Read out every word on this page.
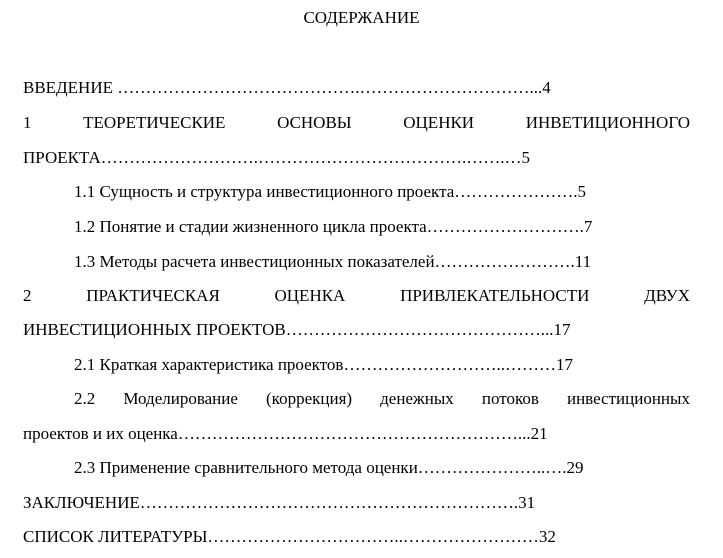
СОДЕРЖАНИЕ
ВВЕДЕНИЕ …………………………………….…………………………...4
1	ТЕОРЕТИЧЕСКИЕ	ОСНОВЫ	ОЦЕНКИ	ИНВЕТИЦИОННОГО
ПРОЕКТА……………………….……………………………….…….…5
1.1 Сущность и структура инвестиционного проекта………………….5
1.2 Понятие и стадии жизненного цикла проекта……………………….7
1.3 Методы расчета инвестиционных показателей…………………….11
2	ПРАКТИЧЕСКАЯ	ОЦЕНКА	ПРИВЛЕКАТЕЛЬНОСТИ	ДВУХ
ИНВЕСТИЦИОННЫХ ПРОЕКТОВ………………………………………...17
2.1 Краткая характеристика проектов………………………..………17
2.2 Моделирование (коррекция) денежных потоков инвестиционных
проектов и их оценка……………………………………………………...21
2.3 Применение сравнительного метода оценки…………………..….29
ЗАКЛЮЧЕНИЕ………………………………………………………….31
СПИСОК ЛИТЕРАТУРЫ……………………………..……………………32
